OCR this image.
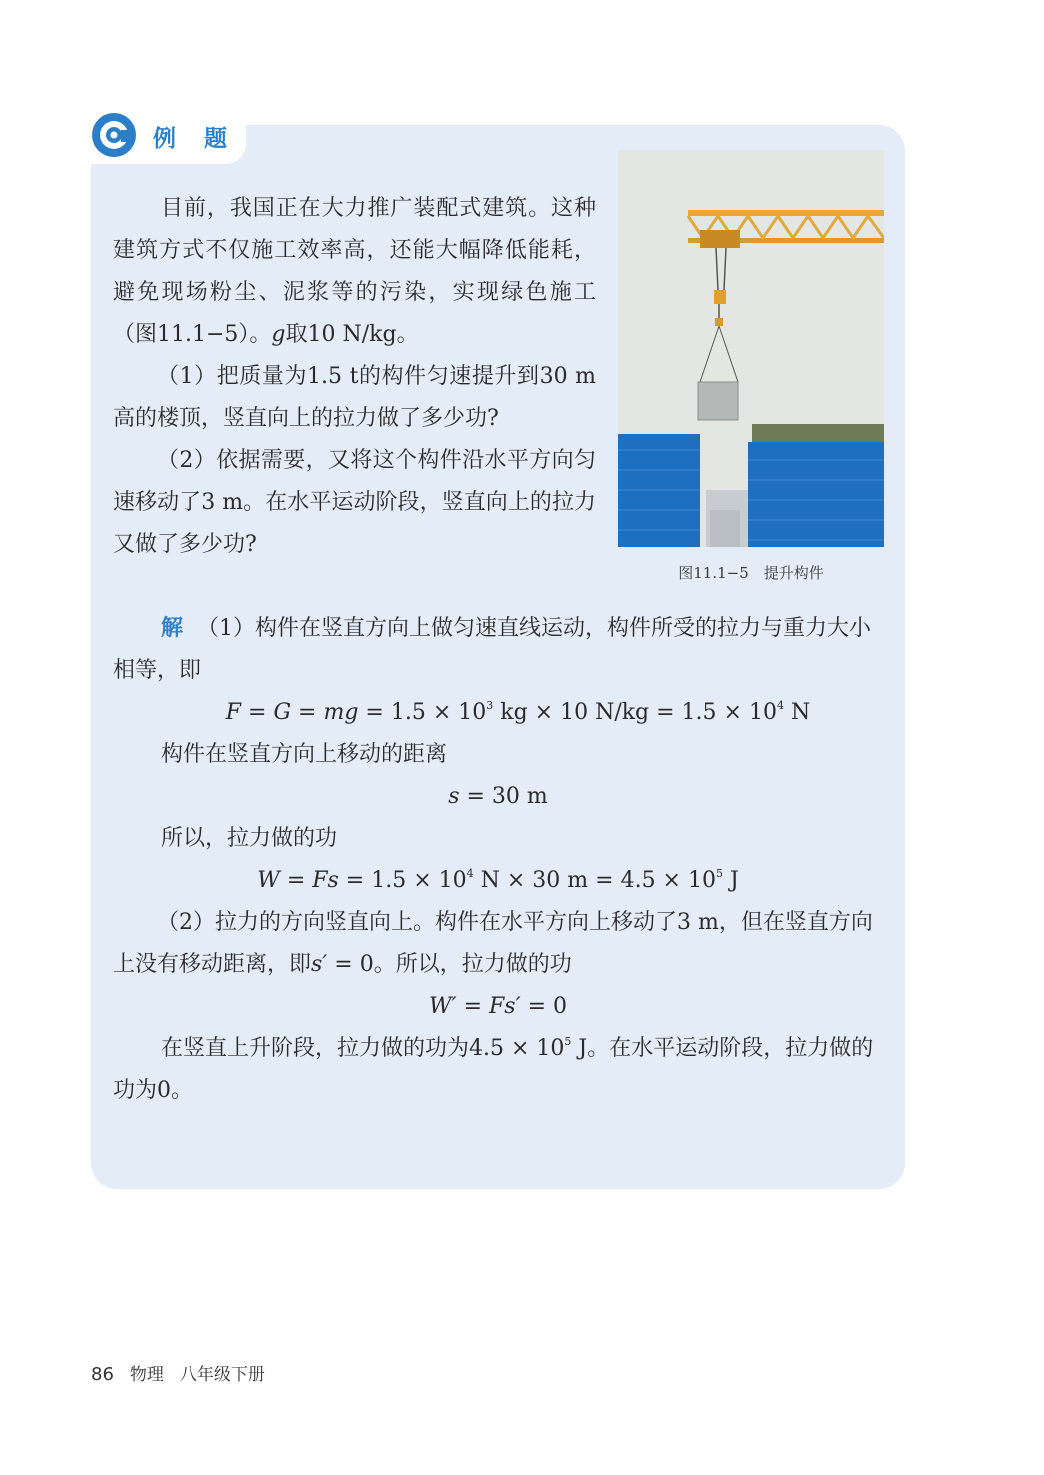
例 题
目前，我国正在大力推广装配式建筑。这种建筑方式不仅施工效率高，还能大幅降低能耗，避免现场粉尘、泥浆等的污染，实现绿色施工（图11.1−5）。g取10 N/kg。
（1）把质量为1.5 t的构件匀速提升到30 m高的楼顶，竖直向上的拉力做了多少功?
（2）依据需要，又将这个构件沿水平方向匀速移动了3 m。在水平运动阶段，竖直向上的拉力又做了多少功?
图11.1−5　提升构件
解 （1）构件在竖直方向上做匀速直线运动，构件所受的拉力与重力大小相等，即
F = G = mg = $1.5 \times 10^3$ kg × 10 $N/kg = 1.5 \times 10^4$ N
构件在竖直方向上移动的距离
s = 30 m
所以，拉力做的功
$W = Fs = 1.5 \times 10^4$ N × 30 $m = 4.5 \times 10^5$ J
（2）拉力的方向竖直向上。构件在水平方向上移动了3 m，但在竖直方向上没有移动距离，即s′ = 0。所以，拉力做的功
W′ = Fs′ = 0
在竖直上升阶段，拉力做的功为$4.5 \times 10^5$ J。在水平运动阶段，拉力做的功为0。
86 物理 八年级下册
